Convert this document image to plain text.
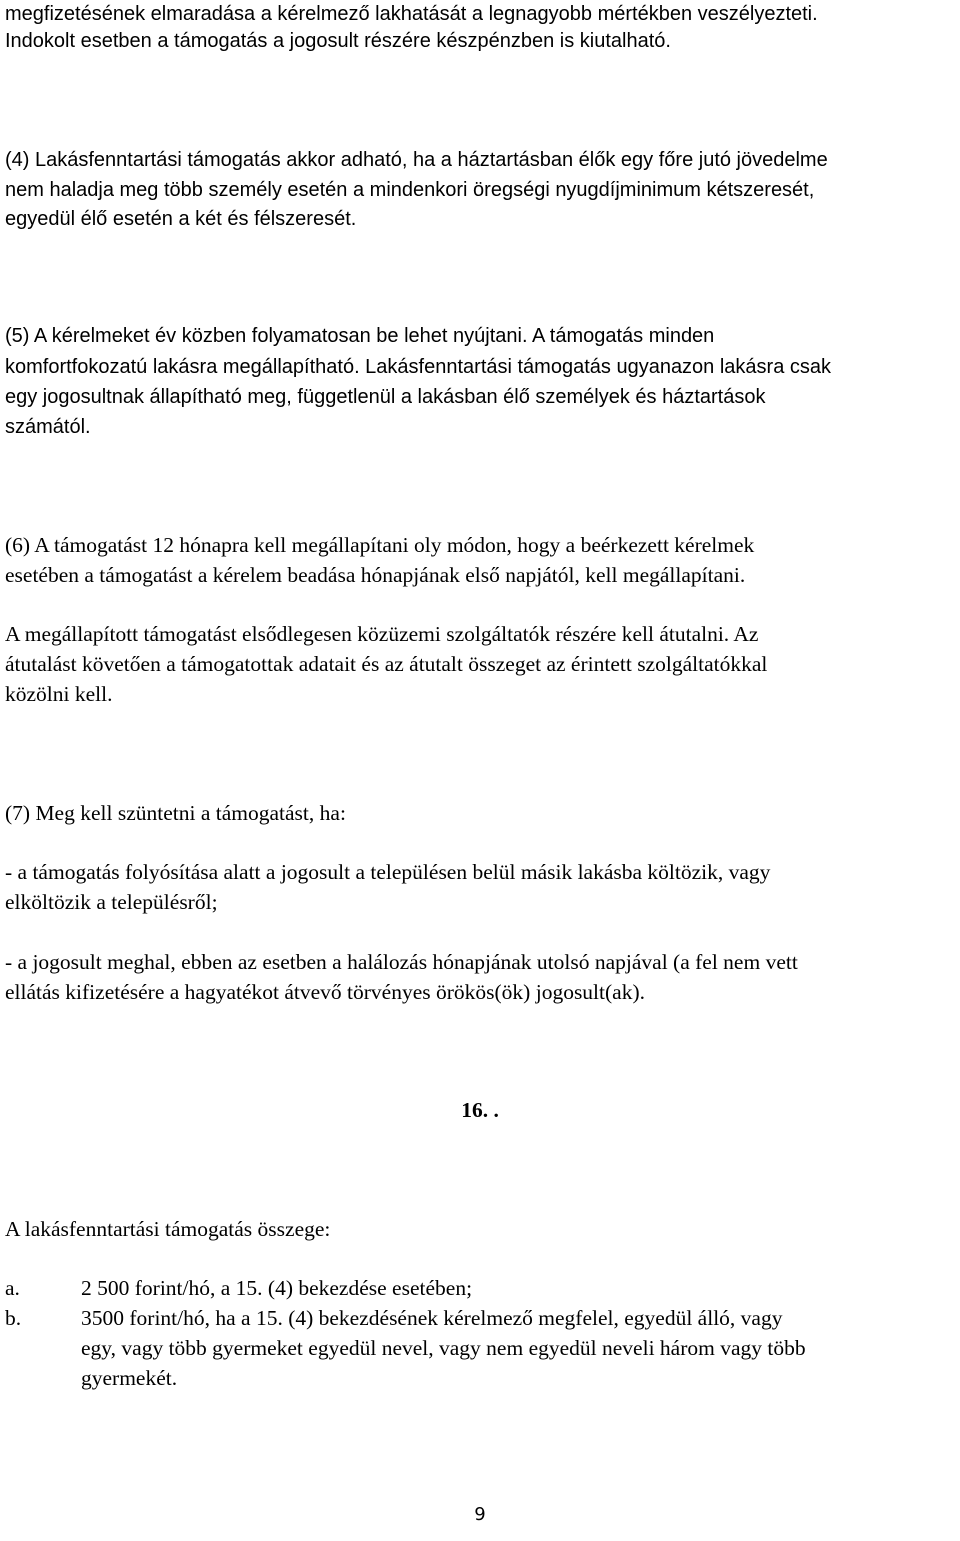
megfizetésének elmaradása a kérelmező lakhatását a legnagyobb mértékben veszélyezteti.
Indokolt esetben a támogatás a jogosult részére készpénzben is kiutalható.
(4) Lakásfenntartási támogatás akkor adható, ha a háztartásban élők egy főre jutó jövedelme
nem haladja meg több személy esetén a mindenkori öregségi nyugdíjminimum kétszeresét,
egyedül élő esetén a két és félszeresét.
(5) A kérelmeket év közben folyamatosan be lehet nyújtani. A támogatás minden
komfortfokozatú lakásra megállapítható. Lakásfenntartási támogatás ugyanazon lakásra csak
egy jogosultnak állapítható meg, függetlenül a lakásban élő személyek és háztartások
számától.
(6) A támogatást 12 hónapra kell megállapítani oly módon, hogy a beérkezett kérelmek
esetében a támogatást a kérelem beadása hónapjának első napjától, kell megállapítani.
A megállapított támogatást elsődlegesen közüzemi szolgáltatók részére kell átutalni. Az
átutalást követően a támogatottak adatait és az átutalt összeget az érintett szolgáltatókkal
közölni kell.
(7) Meg kell szüntetni a támogatást, ha:
- a támogatás folyósítása alatt a jogosult a településen belül másik lakásba költözik, vagy
elköltözik a településről;
- a jogosult meghal, ebben az esetben a halálozás hónapjának utolsó napjával (a fel nem vett
ellátás kifizetésére a hagyatékot átvevő törvényes örökös(ök) jogosult(ak).
16. .
A lakásfenntartási támogatás összege:
a.	2 500 forint/hó, a 15. (4) bekezdése esetében;
b.	3500 forint/hó, ha a 15. (4) bekezdésének kérelmező megfelel, egyedül álló, vagy
egy, vagy több gyermeket egyedül nevel, vagy nem egyedül neveli három vagy több
gyermekét.
9
